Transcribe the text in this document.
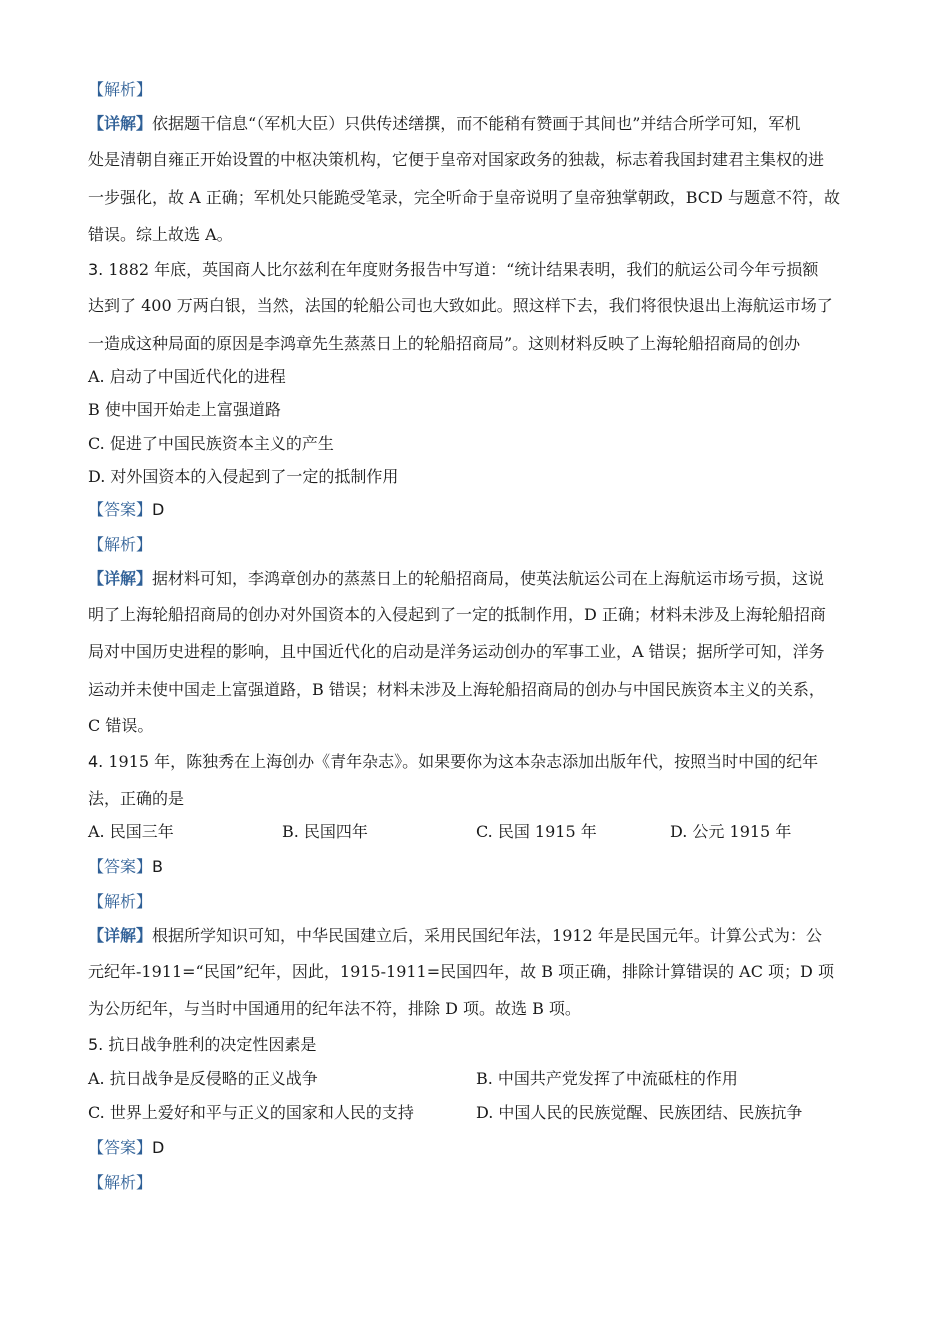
【解析】

【详解】依据题干信息“（军机大臣）只供传述缮撰，而不能稍有赞画于其间也”并结合所学可知，军机

处是清朝自雍正开始设置的中枢决策机构，它便于皇帝对国家政务的独裁，标志着我国封建君主集权的进

一步强化，故 A 正确；军机处只能跪受笔录，完全听命于皇帝说明了皇帝独掌朝政，BCD 与题意不符，故

错误。综上故选 A。

3. 1882 年底，英国商人比尔兹利在年度财务报告中写道：“统计结果表明，我们的航运公司今年亏损额

达到了 400 万两白银，当然，法国的轮船公司也大致如此。照这样下去，我们将很快退出上海航运市场了

一造成这种局面的原因是李鸿章先生蒸蒸日上的轮船招商局”。这则材料反映了上海轮船招商局的创办

A. 启动了中国近代化的进程

B 使中国开始走上富强道路

C. 促进了中国民族资本主义的产生

D. 对外国资本的入侵起到了一定的抵制作用

【答案】D

【解析】

【详解】据材料可知，李鸿章创办的蒸蒸日上的轮船招商局，使英法航运公司在上海航运市场亏损，这说

明了上海轮船招商局的创办对外国资本的入侵起到了一定的抵制作用，D 正确；材料未涉及上海轮船招商

局对中国历史进程的影响，且中国近代化的启动是洋务运动创办的军事工业，A 错误；据所学可知，洋务

运动并未使中国走上富强道路，B 错误；材料未涉及上海轮船招商局的创办与中国民族资本主义的关系，

C 错误。

4. 1915 年，陈独秀在上海创办《青年杂志》。如果要你为这本杂志添加出版年代，按照当时中国的纪年

法，正确的是

A. 民国三年	B. 民国四年	C. 民国 1915 年	D. 公元 1915 年

【答案】B

【解析】

【详解】根据所学知识可知，中华民国建立后，采用民国纪年法，1912 年是民国元年。计算公式为：公

元纪年-1911=“民国”纪年，因此，1915-1911=民国四年，故 B 项正确，排除计算错误的 AC 项；D 项

为公历纪年，与当时中国通用的纪年法不符，排除 D 项。故选 B 项。

5. 抗日战争胜利的决定性因素是

A. 抗日战争是反侵略的正义战争	B. 中国共产党发挥了中流砥柱的作用

C. 世界上爱好和平与正义的国家和人民的支持	D. 中国人民的民族觉醒、民族团结、民族抗争

【答案】D

【解析】
